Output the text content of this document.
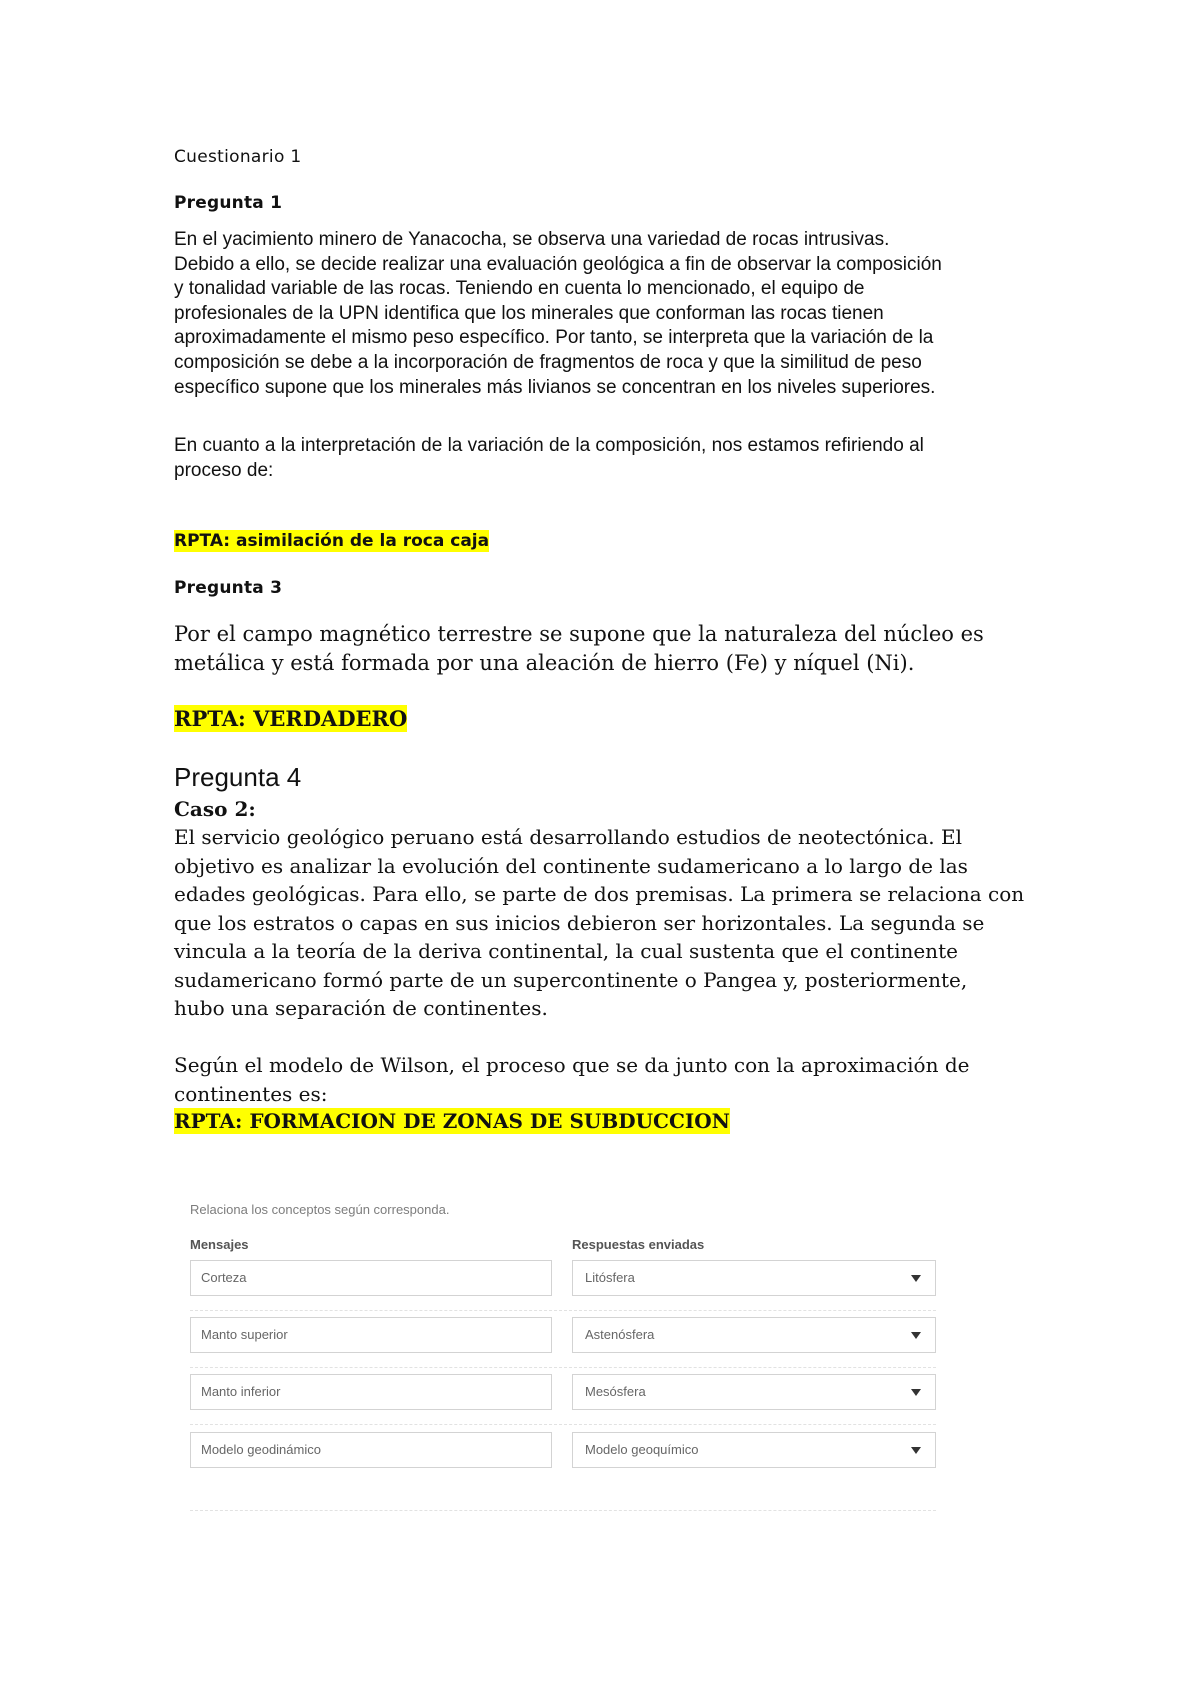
Cuestionario 1
Pregunta 1
En el yacimiento minero de Yanacocha, se observa una variedad de rocas intrusivas.
Debido a ello, se decide realizar una evaluación geológica a fin de observar la composición
y tonalidad variable de las rocas. Teniendo en cuenta lo mencionado, el equipo de
profesionales de la UPN identifica que los minerales que conforman las rocas tienen
aproximadamente el mismo peso específico. Por tanto, se interpreta que la variación de la
composición se debe a la incorporación de fragmentos de roca y que la similitud de peso
específico supone que los minerales más livianos se concentran en los niveles superiores.
En cuanto a la interpretación de la variación de la composición, nos estamos refiriendo al
proceso de:
RPTA: asimilación de la roca caja
Pregunta 3
Por el campo magnético terrestre se supone que la naturaleza del núcleo es
metálica y está formada por una aleación de hierro (Fe) y níquel (Ni).
RPTA: VERDADERO
Pregunta 4
Caso 2:
El servicio geológico peruano está desarrollando estudios de neotectónica. El
objetivo es analizar la evolución del continente sudamericano a lo largo de las
edades geológicas. Para ello, se parte de dos premisas. La primera se relaciona con
que los estratos o capas en sus inicios debieron ser horizontales. La segunda se
vincula a la teoría de la deriva continental, la cual sustenta que el continente
sudamericano formó parte de un supercontinente o Pangea y, posteriormente,
hubo una separación de continentes.
Según el modelo de Wilson, el proceso que se da junto con la aproximación de
continentes es:
RPTA: FORMACION DE ZONAS DE SUBDUCCION
Relaciona los conceptos según corresponda.
Mensajes	Respuestas enviadas
Corteza	Litósfera
Manto superior	Astenósfera
Manto inferior	Mesósfera
Modelo geodinámico	Modelo geoquímico
